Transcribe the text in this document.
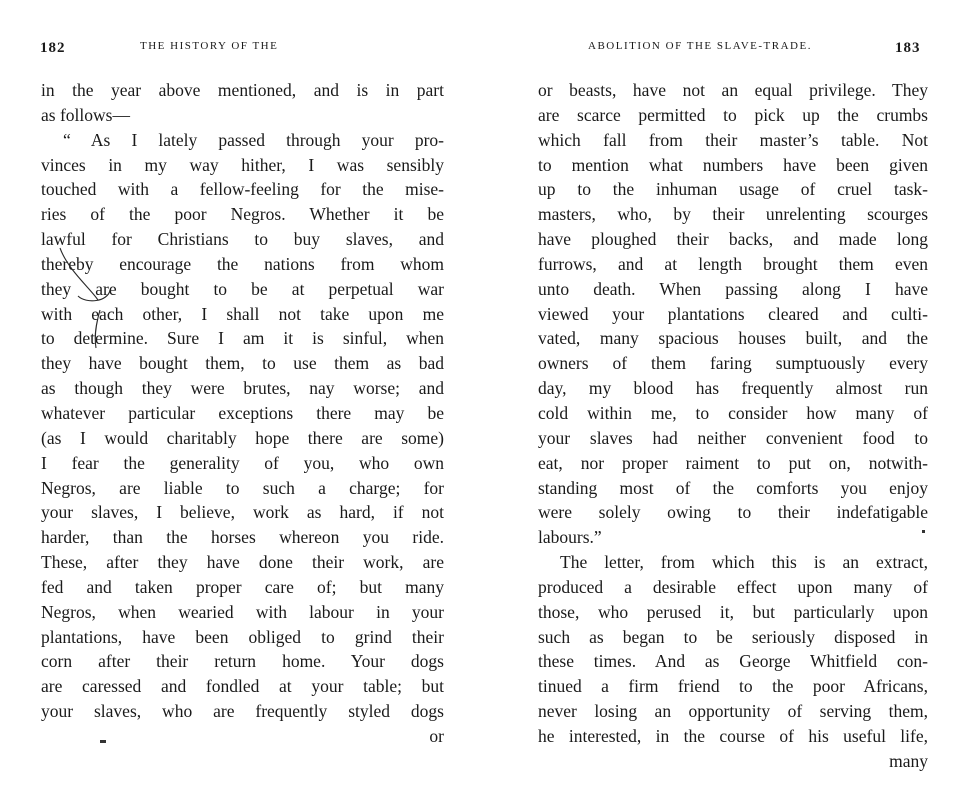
182	THE HISTORY OF THE
in the year above mentioned, and is in part
as follows—
“ As I lately passed through your pro-
vinces in my way hither, I was sensibly
touched with a fellow-feeling for the mise-
ries of the poor Negros. Whether it be
lawful for Christians to buy slaves, and
thereby encourage the nations from whom
they are bought to be at perpetual war
with each other, I shall not take upon me
to determine. Sure I am it is sinful, when
they have bought them, to use them as bad
as though they were brutes, nay worse; and
whatever particular exceptions there may be
(as I would charitably hope there are some)
I fear the generality of you, who own
Negros, are liable to such a charge; for
your slaves, I believe, work as hard, if not
harder, than the horses whereon you ride.
These, after they have done their work, are
fed and taken proper care of; but many
Negros, when wearied with labour in your
plantations, have been obliged to grind their
corn after their return home. Your dogs
are caressed and fondled at your table; but
your slaves, who are frequently styled dogs
or
ABOLITION OF THE SLAVE-TRADE.	183
or beasts, have not an equal privilege. They
are scarce permitted to pick up the crumbs
which fall from their master’s table. Not
to mention what numbers have been given
up to the inhuman usage of cruel task-
masters, who, by their unrelenting scourges
have ploughed their backs, and made long
furrows, and at length brought them even
unto death. When passing along I have
viewed your plantations cleared and culti-
vated, many spacious houses built, and the
owners of them faring sumptuously every
day, my blood has frequently almost run
cold within me, to consider how many of
your slaves had neither convenient food to
eat, nor proper raiment to put on, notwith-
standing most of the comforts you enjoy
were solely owing to their indefatigable
labours.”
The letter, from which this is an extract,
produced a desirable effect upon many of
those, who perused it, but particularly upon
such as began to be seriously disposed in
these times. And as George Whitfield con-
tinued a firm friend to the poor Africans,
never losing an opportunity of serving them,
he interested, in the course of his useful life,
many
